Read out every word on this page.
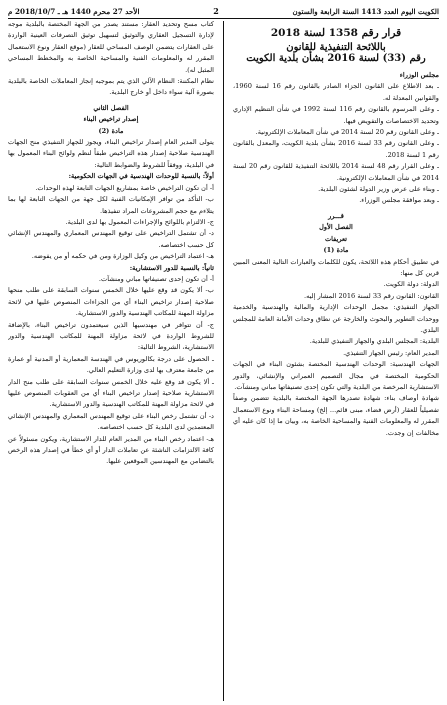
الكويت اليوم العدد 1413 السنة الرابعة والستون
2
الأحد 27 محرم 1440 هـ ـ 2018/10/7 م
قرار رقم 1358 لسنة 2018
باللائحة التنفيذية للقانون
رقم (33) لسنة 2016 بشأن بلدية الكويت

مجلس الوزراء

ـ بعد الاطلاع على القانون الجزاء الصادر بالقانون رقم 16 لسنة 1960، والقوانين المعدلة له.

ـ وعلى المرسوم بالقانون رقم 116 لسنة 1992 في شأن التنظيم الإداري وتحديد الاختصاصات والتفويض فيها.

ـ وعلى القانون رقم 20 لسنة 2014 في شأن المعاملات الإلكترونية.

ـ وعلى القانون رقم 33 لسنة 2016 بشأن بلدية الكويت، والمعدل بالقانون رقم 1 لسنة 2018.

ـ وعلى القرار رقم 48 لسنة 2014 باللائحة التنفيذية للقانون رقم 20 لسنة 2014 في شأن المعاملات الإلكترونية.

ـ وبناء على عرض وزير الدولة لشئون البلدية.

ـ وبعد موافقة مجلس الوزراء.

قـــرر

الفصل الأول

تعريفات

مادة (1)

في تطبيق أحكام هذه اللائحة، يكون للكلمات والعبارات التالية المعنى المبين قرين كل منها:

الدولة: دولة الكويت.

القانون: القانون رقم 33 لسنة 2016 المشار إليه.

الجهاز التنفيذي: مجمل الوحدات الإدارية والمالية والهندسية والخدمية ووحدات التطوير والبحوث والخارجة عن نطاق وحدات الأمانة العامة للمجلس البلدي.

البلدية: المجلس البلدي والجهاز التنفيذي للبلدية.

المدير العام: رئيس الجهاز التنفيذي.

الجهات الهندسية: الوحدات الهندسية المختصة بشئون البناء في الجهات الحكومية المختصة في مجال التصميم العمراني والإنشائي، والدور الاستشارية المرخصة من البلدية والتي تكون إحدى تصنيفاتها مباني ومنشآت.

شهادة أوصاف بناء: شهادة تصدرها الجهة المختصة بالبلدية تتضمن وصفاً تفصيلياً للعقار (أرض فضاء، مبنى قائم... إلخ) ومساحة البناء ونوع الاستعمال المقرر له والمعلومات الفنية والمساحية الخاصة به، وبيان ما إذا كان عليه أي مخالفات إن وجدت.

كتاب مسح وتحديد العقار: مستند يصدر من الجهة المختصة بالبلدية موجه لإدارة التسجيل العقاري والتوثيق لتسهيل توثيق التصرفات العينية الواردة على العقارات يتضمن الوصف المساحي للعقار (موقع العقار ونوع الاستعمال المقرر له والمعلومات الفنية والمساحية الخاصة به والمخطط المساحي المثبل له).

نظام المكننة: النظام الآلي الذي يتم بموجبه إنجاز المعاملات الخاصة بالبلدية بصورة آلية سواء داخل أو خارج البلدية.

الفصل الثاني

إصدار تراخيص البناء

مادة (2)

يتولى المدير العام إصدار تراخيص البناء، ويجوز للجهاز التنفيذي منح الجهات الهندسية صلاحية إصدار هذه التراخيص طبقاً لنظم ولوائح البناء المعمول بها في البلدية، ووفقاً للشروط والضوابط التالية:

أولاً: بالنسبة للوحدات الهندسية في الجهات الحكومية:

أ- أن تكون التراخيص خاصة بمشاريع الجهات التابعة لهذه الوحدات.

ب- التأكد من توافر الإمكانيات الفنية لكل جهة من الجهات التابعة لها بما يتلاءم مع حجم المشروعات المراد تنفيذها.

ج- الالتزام باللوائح والإجراءات المعمول بها لدى البلدية.

د- أن تشتمل التراخيص على توقيع المهندس المعماري والمهندس الإنشائي كل حسب اختصاصه.

هـ- اعتماد التراخيص من وكيل الوزارة ومن في حكمه أو من يفوضه.

ثانياً: بالنسبة للدور الاستشارية:

أ- أن تكون إحدى تصنيفاتها مباني ومنشآت.

ب- ألا يكون قد وقع عليها خلال الخمس سنوات السابقة على طلب منحها صلاحية إصدار تراخيص البناء أي من الجزاءات المنصوص عليها في لائحة مزاولة المهنة للمكاتب الهندسية والدور الاستشارية.

ج- أن تتوافر في مهندسيها الذين سيعتمدون تراخيص البناء، بالإضافة للشروط الواردة في لائحة مزاولة المهنة للمكاتب الهندسية والدور الاستشارية، الشروط التالية:

ـ الحصول على درجة بكالوريوس في الهندسة المعمارية أو المدنية أو عمارة من جامعة معترف بها لدى وزارة التعليم العالي.

ـ ألا يكون قد وقع عليه خلال الخمس سنوات السابقة على طلب منح الدار الاستشارية صلاحية إصدار تراخيص البناء أي من العقوبات المنصوص عليها في لائحة مزاولة المهنة للمكاتب الهندسية والدور الاستشارية.

د- أن تشتمل رخص البناء على توقيع المهندس المعماري والمهندس الإنشائي المعتمدين لدى البلدية كل حسب اختصاصه.

هـ- اعتماد رخص البناء من المدير العام للدار الاستشارية، ويكون مسئولاً عن كافة الالتزامات الناشئة عن تعاملات الدار أو أي خطأ في إصدار هذه الرخص بالتضامن مع المهندسين الموقعين عليها.
